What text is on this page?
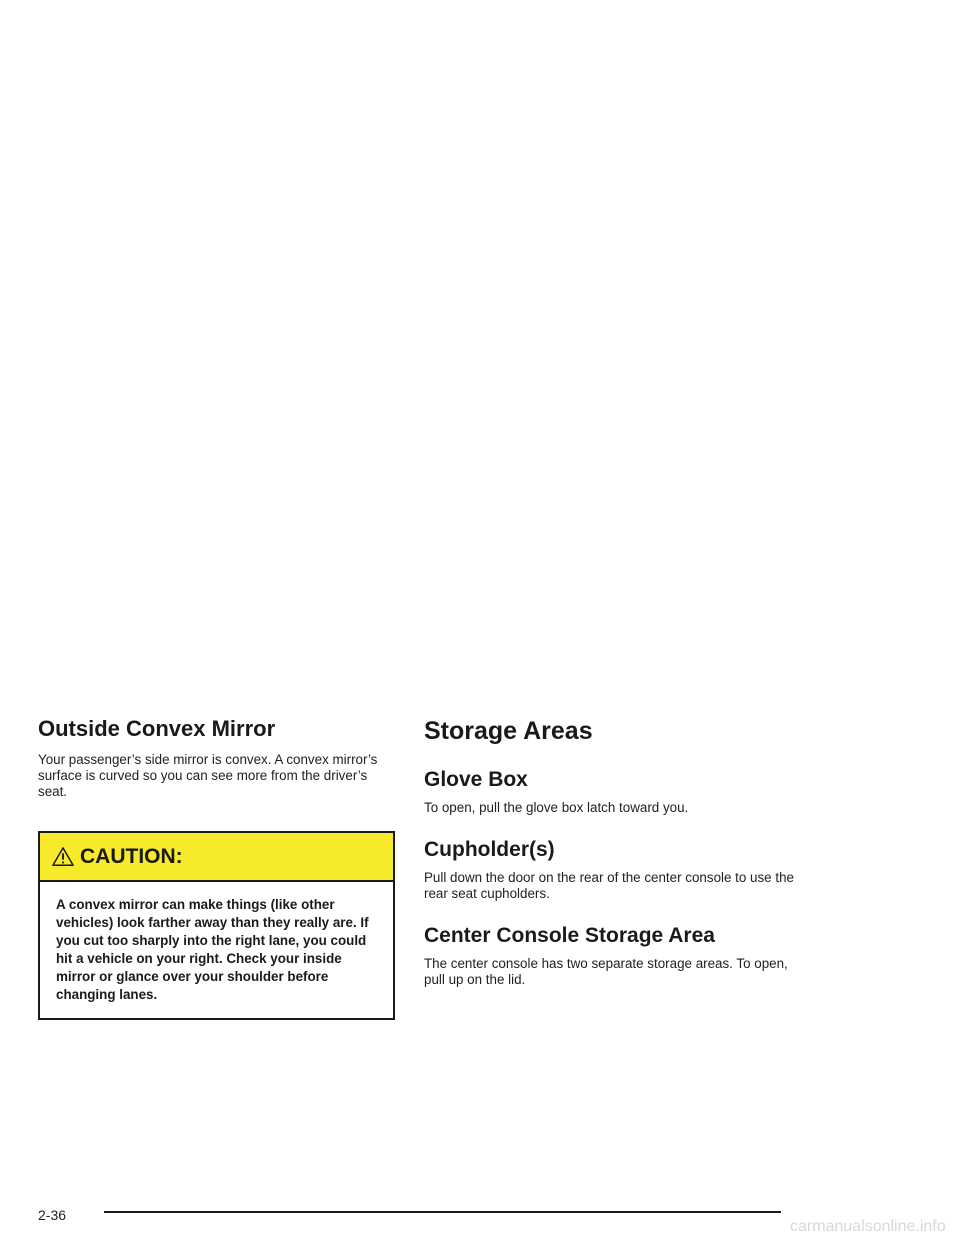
Outside Convex Mirror

Your passenger’s side mirror is convex. A convex mirror’s surface is curved so you can see more from the driver’s seat.

CAUTION:
A convex mirror can make things (like other vehicles) look farther away than they really are. If you cut too sharply into the right lane, you could hit a vehicle on your right. Check your inside mirror or glance over your shoulder before changing lanes.
Storage Areas
Glove Box

To open, pull the glove box latch toward you.

Cupholder(s)

Pull down the door on the rear of the center console to use the rear seat cupholders.

Center Console Storage Area

The center console has two separate storage areas. To open, pull up on the lid.

2-36
carmanualsonline.info
